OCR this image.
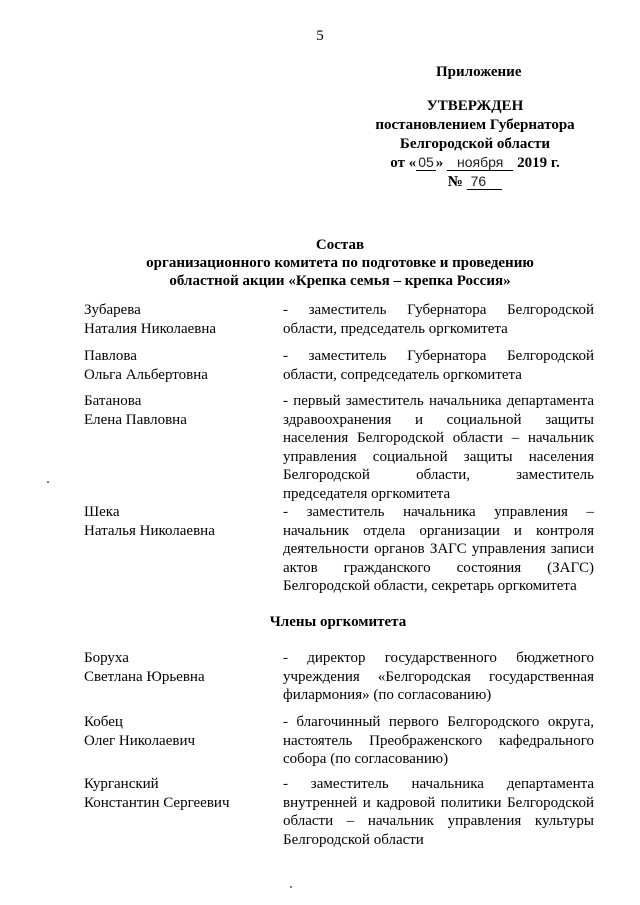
5
Приложение
УТВЕРЖДЕН
постановлением Губернатора
Белгородской области
от « 05 » ноября 2019 г.
№ 76
Состав
организационного комитета по подготовке и проведению
областной акции «Крепка семья – крепка Россия»
Зубарева
Наталия Николаевна
- заместитель Губернатора Белгородской области, председатель оргкомитета
Павлова
Ольга Альбертовна
- заместитель Губернатора Белгородской области, сопредседатель оргкомитета
Батанова
Елена Павловна
- первый заместитель начальника департамента здравоохранения и социальной защиты населения Белгородской области – начальник управления социальной защиты населения Белгородской области, заместитель председателя оргкомитета
Шека
Наталья Николаевна
- заместитель начальника управления – начальник отдела организации и контроля деятельности органов ЗАГС управления записи актов гражданского состояния (ЗАГС) Белгородской области, секретарь оргкомитета
Члены оргкомитета
Боруха
Светлана Юрьевна
- директор государственного бюджетного учреждения «Белгородская государственная филармония» (по согласованию)
Кобец
Олег Николаевич
- благочинный первого Белгородского округа, настоятель Преображенского кафедрального собора (по согласованию)
Курганский
Константин Сергеевич
- заместитель начальника департамента внутренней и кадровой политики Белгородской области – начальник управления культуры Белгородской области
